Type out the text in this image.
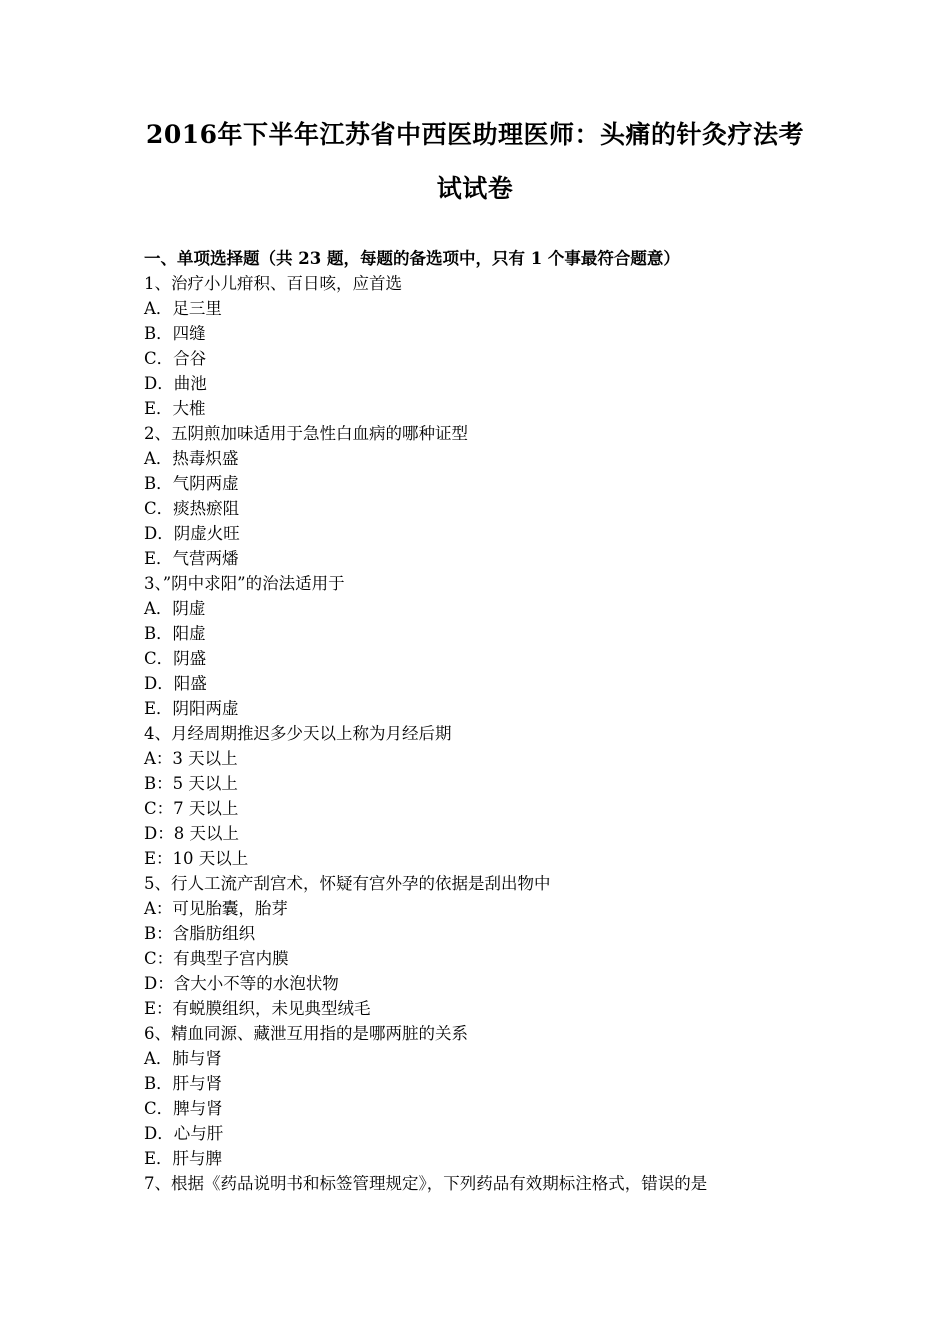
2016年下半年江苏省中西医助理医师：头痛的针灸疗法考
试试卷
一、单项选择题（共 23 题，每题的备选项中，只有 1 个事最符合题意）
1、治疗小儿疳积、百日咳，应首选
A．足三里
B．四缝
C．合谷
D．曲池
E．大椎
2、五阴煎加味适用于急性白血病的哪种证型
A．热毒炽盛
B．气阴两虚
C．痰热瘀阻
D．阴虚火旺
E．气营两燔
3、”阴中求阳”的治法适用于
A．阴虚
B．阳虚
C．阴盛
D．阳盛
E．阴阳两虚
4、月经周期推迟多少天以上称为月经后期
A：3 天以上
B：5 天以上
C：7 天以上
D：8 天以上
E：10 天以上
5、行人工流产刮宫术，怀疑有宫外孕的依据是刮出物中
A：可见胎囊，胎芽
B：含脂肪组织
C：有典型子宫内膜
D：含大小不等的水泡状物
E：有蜕膜组织，未见典型绒毛
6、精血同源、藏泄互用指的是哪两脏的关系
A．肺与肾
B．肝与肾
C．脾与肾
D．心与肝
E．肝与脾
7、根据《药品说明书和标签管理规定》，下列药品有效期标注格式，错误的是
